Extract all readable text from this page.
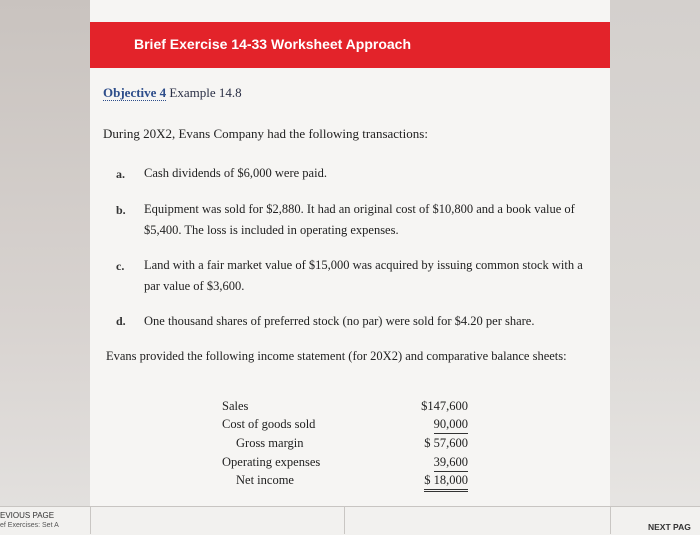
Brief Exercise 14-33 Worksheet Approach
Objective 4 Example 14.8
During 20X2, Evans Company had the following transactions:
a. Cash dividends of $6,000 were paid.
b. Equipment was sold for $2,880. It had an original cost of $10,800 and a book value of $5,400. The loss is included in operating expenses.
c. Land with a fair market value of $15,000 was acquired by issuing common stock with a par value of $3,600.
d. One thousand shares of preferred stock (no par) were sold for $4.20 per share.
Evans provided the following income statement (for 20X2) and comparative balance sheets:
Sales	$147,600
Cost of goods sold	90,000
Gross margin	$ 57,600
Operating expenses	39,600
Net income	$ 18,000
EVIOUS PAGE
ef Exercises: Set A	NEXT PAG
